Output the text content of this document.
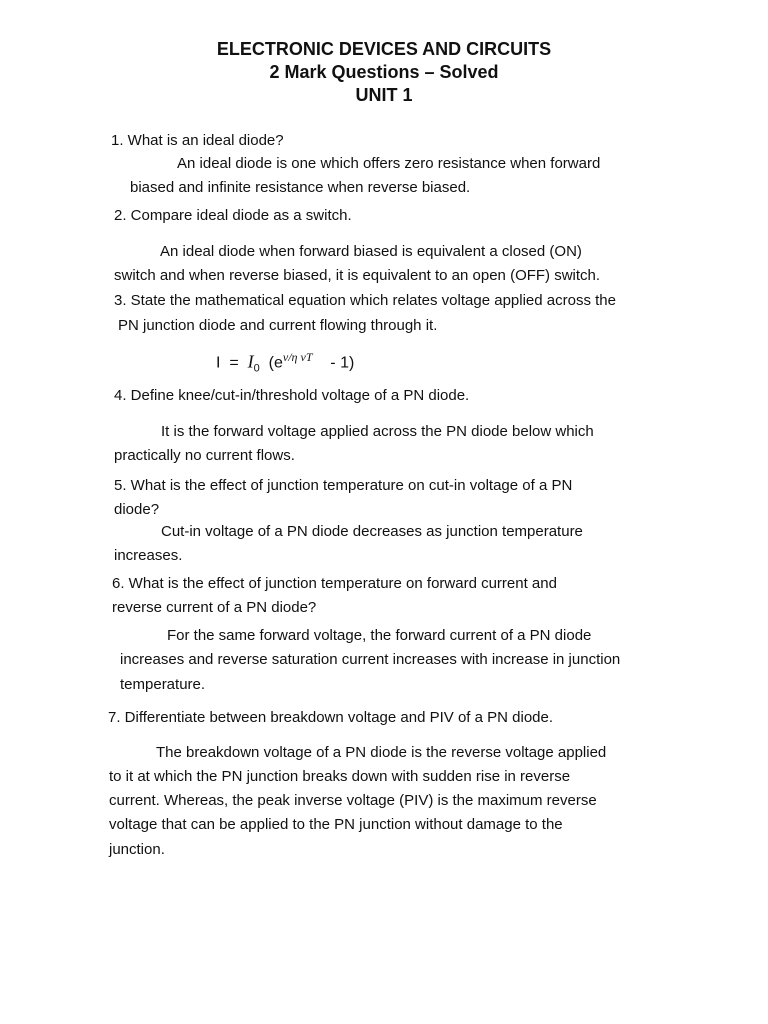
ELECTRONIC DEVICES AND CIRCUITS
2 Mark Questions – Solved
UNIT 1
1. What is an ideal diode?
An ideal diode is one which offers zero resistance when forward
biased and infinite resistance when reverse biased.
2. Compare ideal diode as a switch.
An ideal diode when forward biased is equivalent a closed (ON)
switch and when reverse biased, it is equivalent to an open (OFF) switch.
3. State the mathematical equation which relates voltage applied across the
PN junction diode and current flowing through it.
$I = I_0$ $(e^{v/\eta vT} - 1)$
4. Define knee/cut-in/threshold voltage of a PN diode.
It is the forward voltage applied across the PN diode below which
practically no current flows.
5. What is the effect of junction temperature on cut-in voltage of a PN
diode?
Cut-in voltage of a PN diode decreases as junction temperature
increases.
6. What is the effect of junction temperature on forward current and
reverse current of a PN diode?
For the same forward voltage, the forward current of a PN diode
increases and reverse saturation current increases with increase in junction
temperature.
7. Differentiate between breakdown voltage and PIV of a PN diode.
The breakdown voltage of a PN diode is the reverse voltage applied
to it at which the PN junction breaks down with sudden rise in reverse
current. Whereas, the peak inverse voltage (PIV) is the maximum reverse
voltage that can be applied to the PN junction without damage to the
junction.
